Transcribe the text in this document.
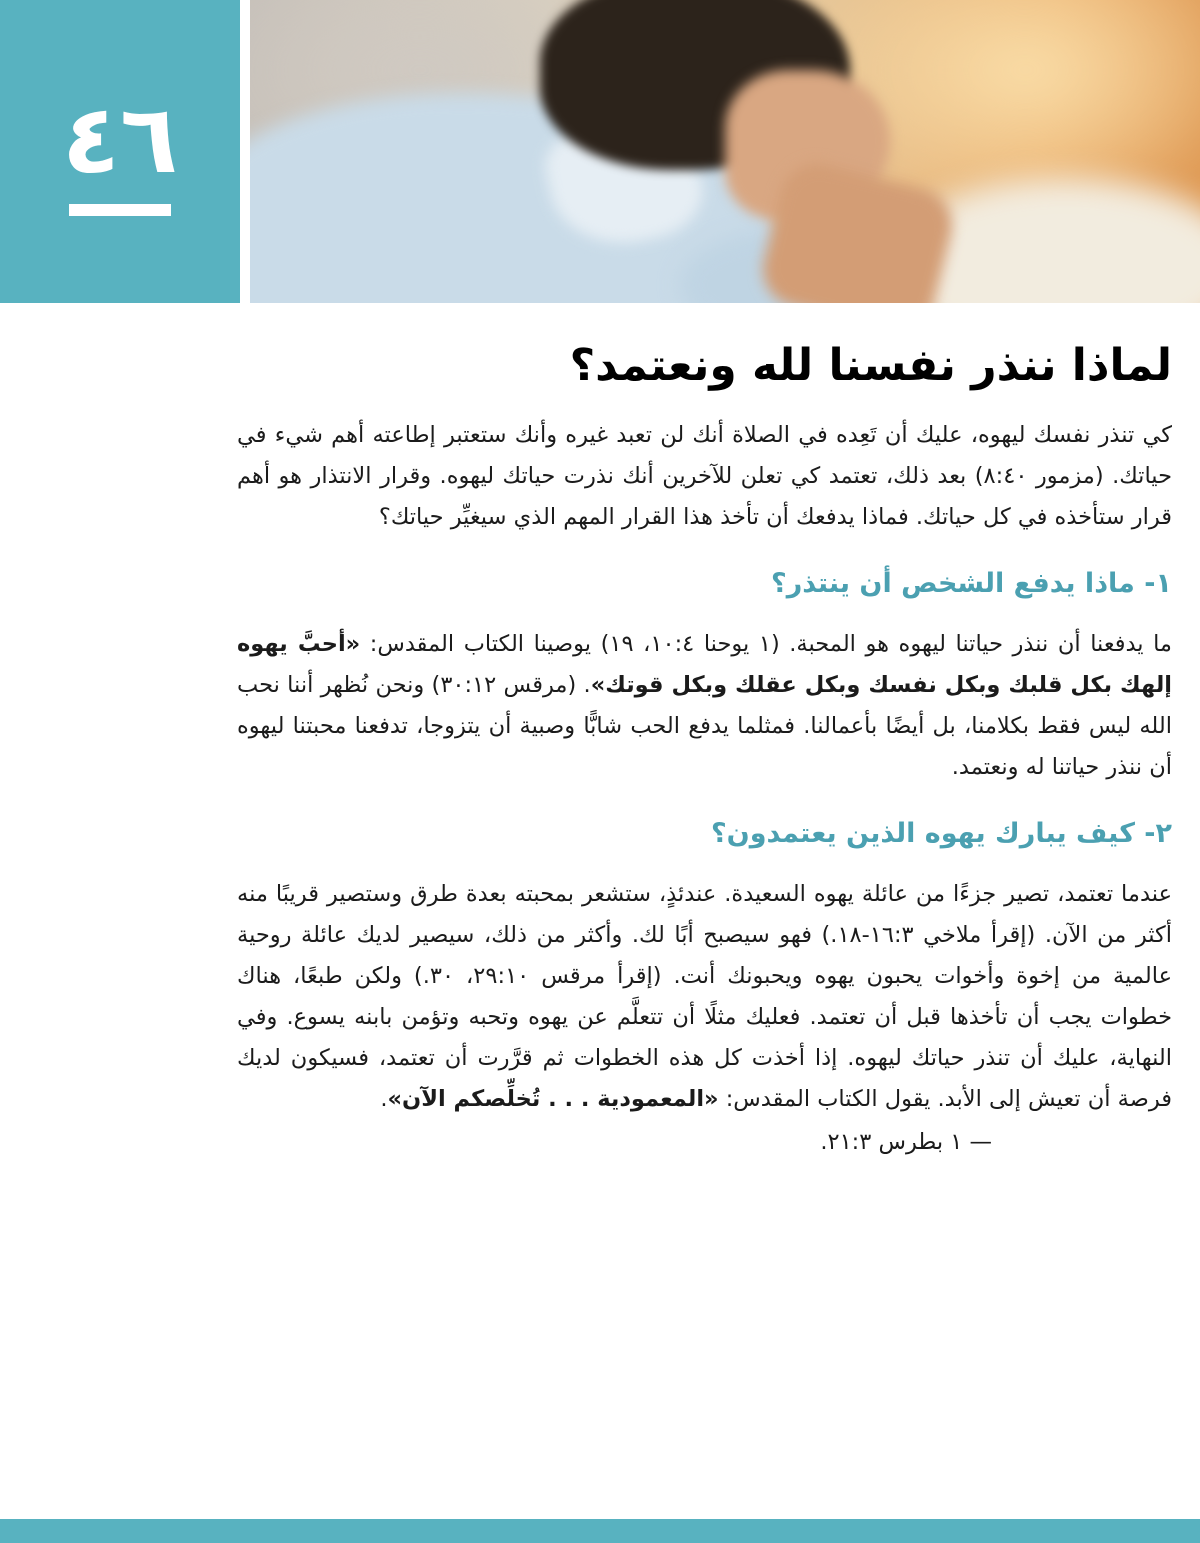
٤٦
لماذا ننذر نفسنا لله ونعتمد؟

كي تنذر نفسك ليهوه، عليك أن تَعِده في الصلاة أنك لن تعبد غيره وأنك ستعتبر إطاعته أهم شيء في حياتك. (مزمور ٤٠:‏٨) بعد ذلك، تعتمد كي تعلن للآخرين أنك نذرت حياتك ليهوه. وقرار الانتذار هو أهم قرار ستأخذه في كل حياتك. فماذا يدفعك أن تأخذ هذا القرار المهم الذي سيغيِّر حياتك؟

١- ماذا يدفع الشخص أن ينتذر؟

ما يدفعنا أن ننذر حياتنا ليهوه هو المحبة. (١ يوحنا ٤:‏١٠، ١٩) يوصينا الكتاب المقدس: «أحبَّ يهوه إلهك بكل قلبك وبكل نفسك وبكل عقلك وبكل قوتك». (مرقس ١٢:‏٣٠) ونحن نُظهر أننا نحب الله ليس فقط بكلامنا، بل أيضًا بأعمالنا. فمثلما يدفع الحب شابًّا وصبية أن يتزوجا، تدفعنا محبتنا ليهوه أن ننذر حياتنا له ونعتمد.

٢- كيف يبارك يهوه الذين يعتمدون؟

عندما تعتمد، تصير جزءًا من عائلة يهوه السعيدة. عندئذٍ، ستشعر بمحبته بعدة طرق وستصير قريبًا منه أكثر من الآن. (إقرأ ملاخي ٣:‏١٦-‏١٨.) فهو سيصبح أبًا لك. وأكثر من ذلك، سيصير لديك عائلة روحية عالمية من إخوة وأخوات يحبون يهوه ويحبونك أنت. (إقرأ مرقس ١٠:‏٢٩، ٣٠.) ولكن طبعًا، هناك خطوات يجب أن تأخذها قبل أن تعتمد. فعليك مثلًا أن تتعلَّم عن يهوه وتحبه وتؤمن بابنه يسوع. وفي النهاية، عليك أن تنذر حياتك ليهوه. إذا أخذت كل هذه الخطوات ثم قرَّرت أن تعتمد، فسيكون لديك فرصة أن تعيش إلى الأبد. يقول الكتاب المقدس: «المعمودية . . . تُخلِّصكم الآن».

— ١ بطرس ٣:‏٢١.
